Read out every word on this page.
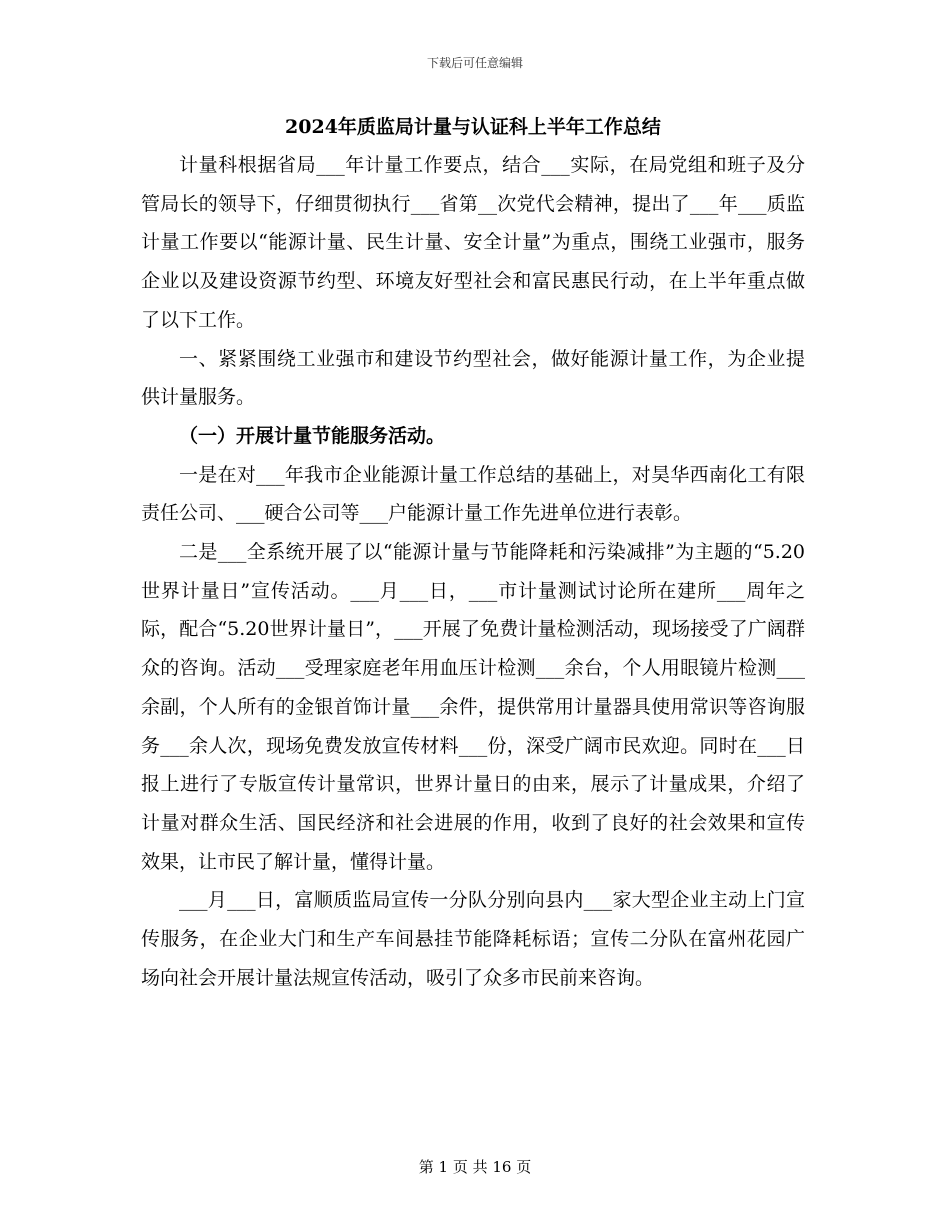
下载后可任意编辑
2024年质监局计量与认证科上半年工作总结

计量科根据省局___年计量工作要点，结合___实际，在局党组和班子及分管局长的领导下，仔细贯彻执行___省第__次党代会精神，提出了___年___质监计量工作要以“能源计量、民生计量、安全计量”为重点，围绕工业强市，服务企业以及建设资源节约型、环境友好型社会和富民惠民行动，在上半年重点做了以下工作。

一、紧紧围绕工业强市和建设节约型社会，做好能源计量工作，为企业提供计量服务。

（一）开展计量节能服务活动。

一是在对___年我市企业能源计量工作总结的基础上，对昊华西南化工有限责任公司、___硬合公司等___户能源计量工作先进单位进行表彰。

二是___全系统开展了以“能源计量与节能降耗和污染减排”为主题的“5.20世界计量日”宣传活动。___月___日，___市计量测试讨论所在建所___周年之际，配合“5.20世界计量日”，___开展了免费计量检测活动，现场接受了广阔群众的咨询。活动___受理家庭老年用血压计检测___余台，个人用眼镜片检测___余副，个人所有的金银首饰计量___余件，提供常用计量器具使用常识等咨询服务___余人次，现场免费发放宣传材料___份，深受广阔市民欢迎。同时在___日报上进行了专版宣传计量常识，世界计量日的由来，展示了计量成果，介绍了计量对群众生活、国民经济和社会进展的作用，收到了良好的社会效果和宣传效果，让市民了解计量，懂得计量。

___月___日，富顺质监局宣传一分队分别向县内___家大型企业主动上门宣传服务，在企业大门和生产车间悬挂节能降耗标语；宣传二分队在富州花园广场向社会开展计量法规宣传活动，吸引了众多市民前来咨询。

第 1 页 共 16 页
